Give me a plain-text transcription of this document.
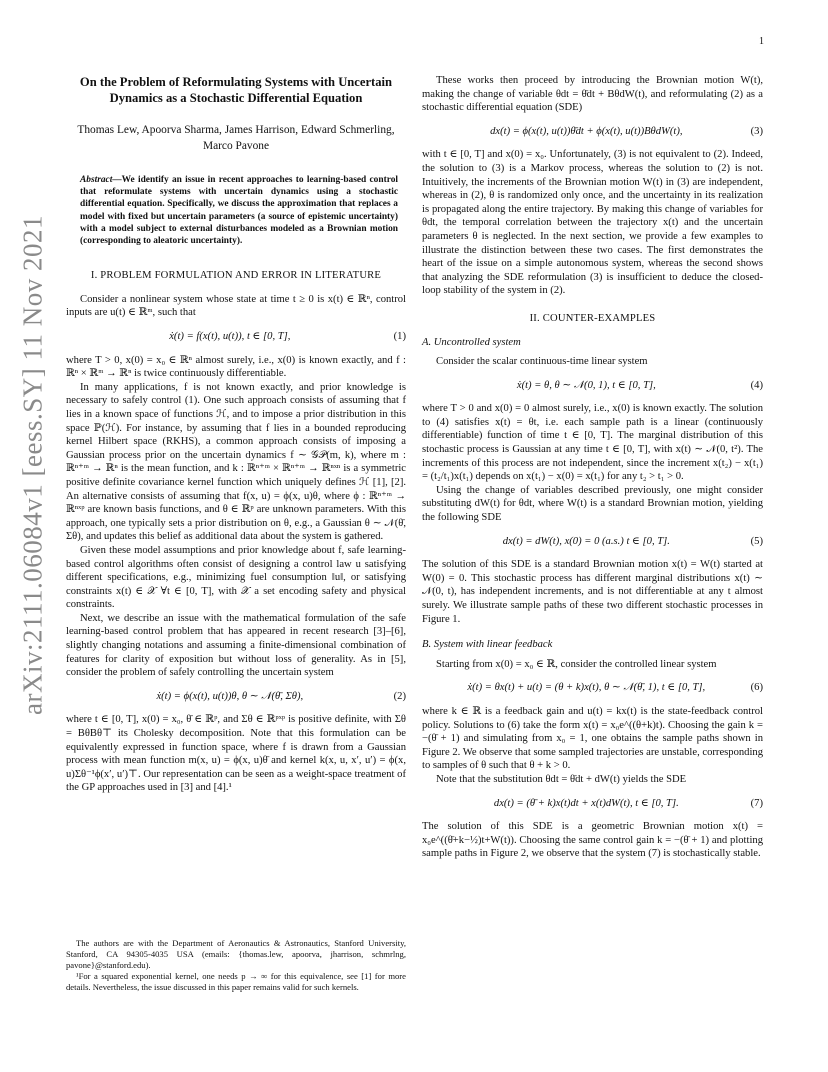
1
arXiv:2111.06084v1 [eess.SY] 11 Nov 2021
On the Problem of Reformulating Systems with Uncertain Dynamics as a Stochastic Differential Equation
Thomas Lew, Apoorva Sharma, James Harrison, Edward Schmerling, Marco Pavone
Abstract—We identify an issue in recent approaches to learning-based control that reformulate systems with uncertain dynamics using a stochastic differential equation. Specifically, we discuss the approximation that replaces a model with fixed but uncertain parameters (a source of epistemic uncertainty) with a model subject to external disturbances modeled as a Brownian motion (corresponding to aleatoric uncertainty).
I. PROBLEM FORMULATION AND ERROR IN LITERATURE

Consider a nonlinear system whose state at time t ≥ 0 is x(t) ∈ ℝⁿ, control inputs are u(t) ∈ ℝᵐ, such that

ẋ(t) = f(x(t), u(t)), t ∈ [0, T],	(1)

where T > 0, x(0) = x₀ ∈ ℝⁿ almost surely, i.e., x(0) is known exactly, and f : ℝⁿ × ℝᵐ → ℝⁿ is twice continuously differentiable.

In many applications, f is not known exactly, and prior knowledge is necessary to safely control (1). One such approach consists of assuming that f lies in a known space of functions ℋ, and to impose a prior distribution in this space ℙ(ℋ). For instance, by assuming that f lies in a bounded reproducing kernel Hilbert space (RKHS), a common approach consists of imposing a Gaussian process prior on the uncertain dynamics f ∼ 𝒢𝒫(m, k), where m : ℝⁿ⁺ᵐ → ℝⁿ is the mean function, and k : ℝⁿ⁺ᵐ × ℝⁿ⁺ᵐ → ℝⁿˣⁿ is a symmetric positive definite covariance kernel function which uniquely defines ℋ [1], [2]. An alternative consists of assuming that f(x, u) = ϕ(x, u)θ, where ϕ : ℝⁿ⁺ᵐ → ℝⁿˣᵖ are known basis functions, and θ ∈ ℝᵖ are unknown parameters. With this approach, one typically sets a prior distribution on θ, e.g., a Gaussian θ ∼ 𝒩(θ̄, Σθ), and updates this belief as additional data about the system is gathered.

Given these model assumptions and prior knowledge about f, safe learning-based control algorithms often consist of designing a control law u satisfying different specifications, e.g., minimizing fuel consumption ‖u‖, or satisfying constraints x(t) ∈ 𝒳 ∀t ∈ [0, T], with 𝒳 a set encoding safety and physical constraints.

Next, we describe an issue with the mathematical formulation of the safe learning-based control problem that has appeared in recent research [3]–[6], slightly changing notations and assuming a finite-dimensional combination of features for clarity of exposition but without loss of generality. As in [5], consider the problem of safely controlling the uncertain system

ẋ(t) = ϕ(x(t), u(t))θ, θ ∼ 𝒩(θ̄, Σθ),	(2)

where t ∈ [0, T], x(0) = x₀, θ̄ ∈ ℝᵖ, and Σθ ∈ ℝᵖˣᵖ is positive definite, with Σθ = BθBθ⊤ its Cholesky decomposition. Note that this formulation can be equivalently expressed in function space, where f is drawn from a Gaussian process with mean function m(x, u) = ϕ(x, u)θ̄ and kernel k(x, u, x′, u′) = ϕ(x, u)Σθ⁻¹ϕ(x′, u′)⊤. Our representation can be seen as a weight-space treatment of the GP approaches used in [3] and [4].¹

The authors are with the Department of Aeronautics & Astronautics, Stanford University, Stanford, CA 94305-4035 USA (emails: {thomas.lew, apoorva, jharrison, schmrlng, pavone}@stanford.edu).

¹For a squared exponential kernel, one needs p → ∞ for this equivalence, see [1] for more details. Nevertheless, the issue discussed in this paper remains valid for such kernels.

These works then proceed by introducing the Brownian motion W(t), making the change of variable θdt = θ̄dt + BθdW(t), and reformulating (2) as a stochastic differential equation (SDE)

dx(t) = ϕ(x(t), u(t))θ̄dt + ϕ(x(t), u(t))BθdW(t),	(3)

with t ∈ [0, T] and x(0) = x₀. Unfortunately, (3) is not equivalent to (2). Indeed, the solution to (3) is a Markov process, whereas the solution to (2) is not. Intuitively, the increments of the Brownian motion W(t) in (3) are independent, whereas in (2), θ is randomized only once, and the uncertainty in its realization is propagated along the entire trajectory. By making this change of variables for θdt, the temporal correlation between the trajectory x(t) and the uncertain parameters θ is neglected. In the next section, we provide a few examples to illustrate the distinction between these two cases. The first demonstrates the heart of the issue on a simple autonomous system, whereas the second shows that analyzing the SDE reformulation (3) is insufficient to deduce the closed-loop stability of the system in (2).

II. COUNTER-EXAMPLES
A. Uncontrolled system

Consider the scalar continuous-time linear system

ẋ(t) = θ, θ ∼ 𝒩(0, 1), t ∈ [0, T],	(4)

where T > 0 and x(0) = 0 almost surely, i.e., x(0) is known exactly. The solution to (4) satisfies x(t) = θt, i.e. each sample path is a linear (continuously differentiable) function of time t ∈ [0, T]. The marginal distribution of this stochastic process is Gaussian at any time t ∈ [0, T], with x(t) ∼ 𝒩(0, t²). The increments of this process are not independent, since the increment x(t₂) − x(t₁) = (t₂/t₁)x(t₁) depends on x(t₁) − x(0) = x(t₁) for any t₂ > t₁ > 0.

Using the change of variables described previously, one might consider substituting dW(t) for θdt, where W(t) is a standard Brownian motion, yielding the following SDE

dx(t) = dW(t), x(0) = 0 (a.s.) t ∈ [0, T].	(5)

The solution of this SDE is a standard Brownian motion x(t) = W(t) started at W(0) = 0. This stochastic process has different marginal distributions x(t) ∼ 𝒩(0, t), has independent increments, and is not differentiable at any t almost surely. We illustrate sample paths of these two different stochastic processes in Figure 1.

B. System with linear feedback

Starting from x(0) = x₀ ∈ ℝ, consider the controlled linear system

ẋ(t) = θx(t) + u(t) = (θ + k)x(t), θ ∼ 𝒩(θ̄, 1), t ∈ [0, T],	(6)

where k ∈ ℝ is a feedback gain and u(t) = kx(t) is the state-feedback control policy. Solutions to (6) take the form x(t) = x₀e^((θ+k)t). Choosing the gain k = −(θ̄ + 1) and simulating from x₀ = 1, one obtains the sample paths shown in Figure 2. We observe that some sampled trajectories are unstable, corresponding to samples of θ such that θ + k > 0.

Note that the substitution θdt = θ̄dt + dW(t) yields the SDE

dx(t) = (θ̄ + k)x(t)dt + x(t)dW(t), t ∈ [0, T].	(7)

The solution of this SDE is a geometric Brownian motion x(t) = x₀e^((θ̄+k−½)t+W(t)). Choosing the same control gain k = −(θ̄ + 1) and plotting sample paths in Figure 2, we observe that the system (7) is stochastically stable.
